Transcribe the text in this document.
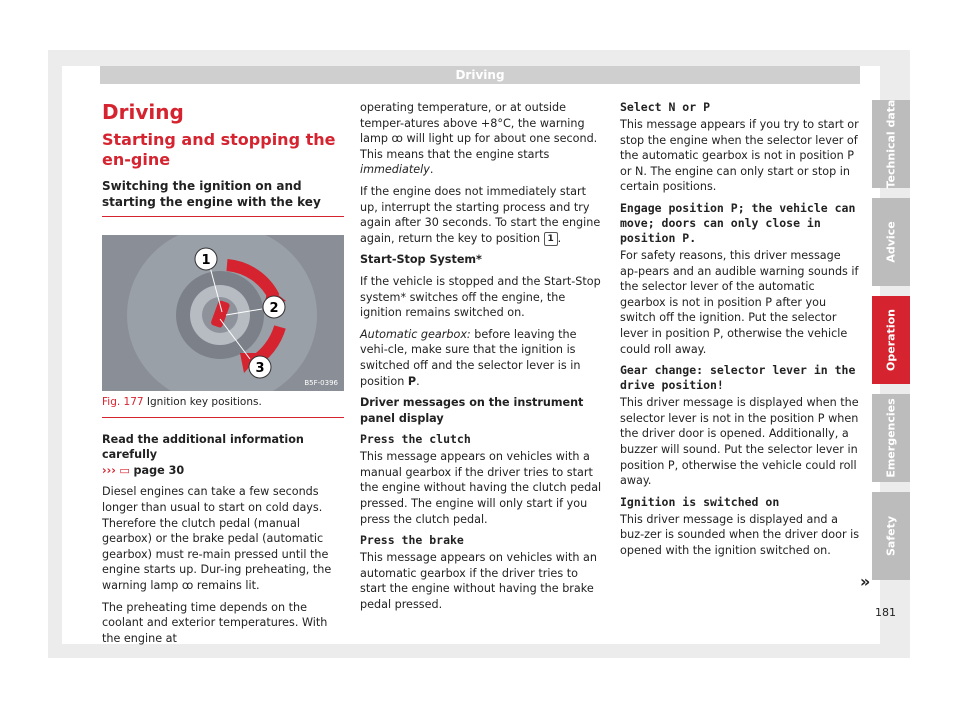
Driving
Driving
Starting and stopping the en-gine
Switching the ignition on and starting the engine with the key
1
2
3
B5F-0396
Fig. 177 Ignition key positions.

Read the additional information carefully
››› ▭ page 30

Diesel engines can take a few seconds longer than usual to start on cold days. Therefore the clutch pedal (manual gearbox) or the brake pedal (automatic gearbox) must re-main pressed until the engine starts up. Dur-ing preheating, the warning lamp ꝏ remains lit.

The preheating time depends on the coolant and exterior temperatures. With the engine at

operating temperature, or at outside temper-atures above +8°C, the warning lamp ꝏ will light up for about one second. This means that the engine starts immediately.

If the engine does not immediately start up, interrupt the starting process and try again after 30 seconds. To start the engine again, return the key to position 1 .

Start-Stop System*

If the vehicle is stopped and the Start-Stop system* switches off the engine, the ignition remains switched on.

Automatic gearbox: before leaving the vehi-cle, make sure that the ignition is switched off and the selector lever is in position P.

Driver messages on the instrument panel display

Press the clutch

This message appears on vehicles with a manual gearbox if the driver tries to start the engine without having the clutch pedal pressed. The engine will only start if you press the clutch pedal.

Press the brake

This message appears on vehicles with an automatic gearbox if the driver tries to start the engine without having the brake pedal pressed.

Select N or P

This message appears if you try to start or stop the engine when the selector lever of the automatic gearbox is not in position P or N. The engine can only start or stop in certain positions.

Engage position P; the vehicle can move; doors can only close in position P.

For safety reasons, this driver message ap-pears and an audible warning sounds if the selector lever of the automatic gearbox is not in position P after you switch off the ignition. Put the selector lever in position P, otherwise the vehicle could roll away.

Gear change: selector lever in the drive position!

This driver message is displayed when the selector lever is not in the position P when the driver door is opened. Additionally, a buzzer will sound. Put the selector lever in position P, otherwise the vehicle could roll away.

Ignition is switched on

This driver message is displayed and a buz-zer is sounded when the driver door is opened with the ignition switched on.

»
Technical data
Advice
Operation
Emergencies
Safety
181
